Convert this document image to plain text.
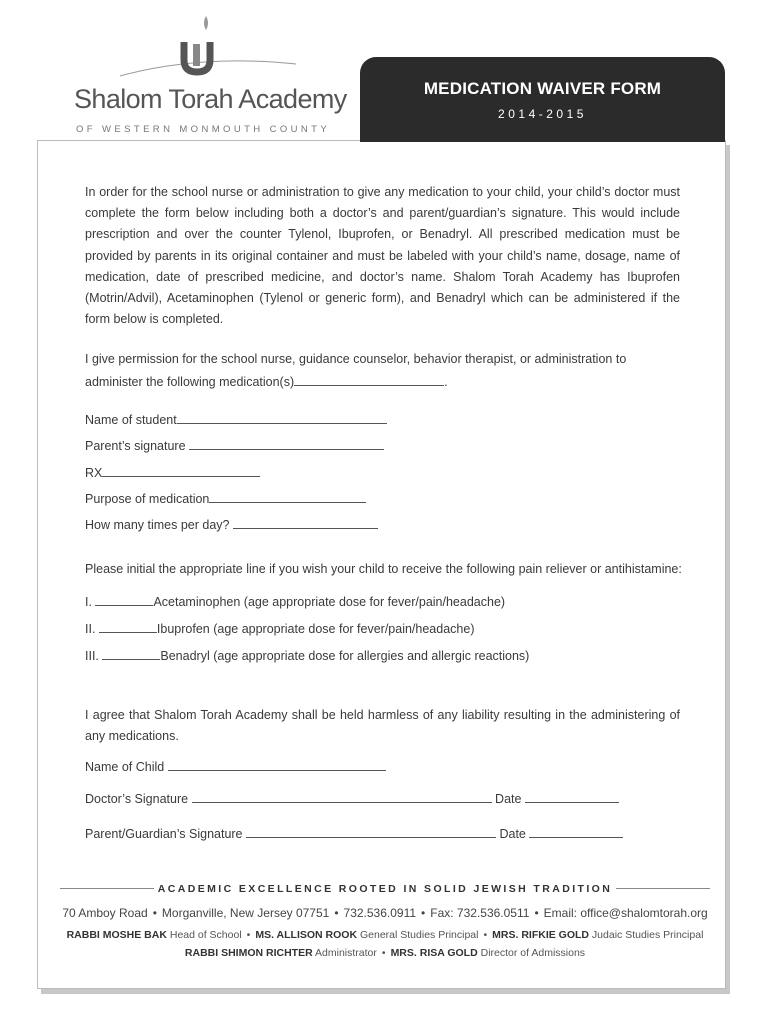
Shalom Torah Academy
OF WESTERN MONMOUTH COUNTY
MEDICATION WAIVER FORM
2014-2015

In order for the school nurse or administration to give any medication to your child, your child’s doctor must complete the form below including both a doctor’s and parent/guardian’s signature. This would include prescription and over the counter Tylenol, Ibuprofen, or Benadryl. All prescribed medication must be provided by parents in its original container and must be labeled with your child’s name, dosage, name of medication, date of prescribed medicine, and doctor’s name. Shalom Torah Academy has Ibuprofen (Motrin/Advil), Acetaminophen (Tylenol or generic form), and Benadryl which can be administered if the form below is completed.

I give permission for the school nurse, guidance counselor, behavior therapist, or administration to
administer the following medication(s)	.
Name of student
Parent’s signature
RX
Purpose of medication
How many times per day?
Please initial the appropriate line if you wish your child to receive the following pain reliever or antihistamine:
I.	Acetaminophen (age appropriate dose for fever/pain/headache)
II.	Ibuprofen (age appropriate dose for fever/pain/headache)
III.	Benadryl (age appropriate dose for allergies and allergic reactions)

I agree that Shalom Torah Academy shall be held harmless of any liability resulting in the administering of any medications.

Name of Child
Doctor’s Signature	Date
Parent/Guardian’s Signature	Date
ACADEMIC EXCELLENCE ROOTED IN SOLID JEWISH TRADITION
70 Amboy Road • Morganville, New Jersey 07751 • 732.536.0911 • Fax: 732.536.0511 • Email: office@shalomtorah.org
RABBI MOSHE BAK Head of School • MS. ALLISON ROOK General Studies Principal • MRS. RIFKIE GOLD Judaic Studies Principal
RABBI SHIMON RICHTER Administrator • MRS. RISA GOLD Director of Admissions
